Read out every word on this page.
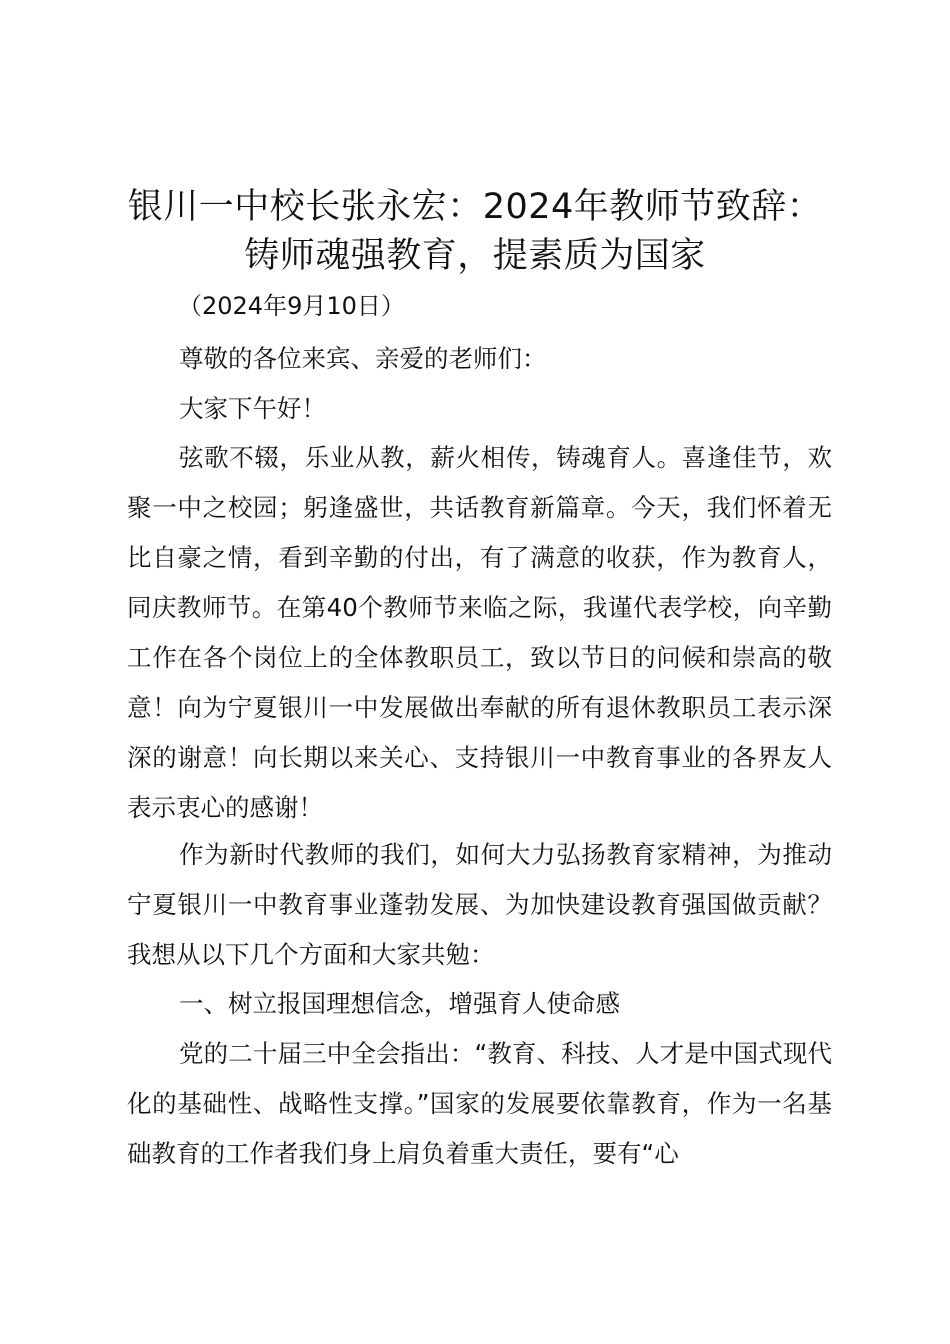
银川一中校长张永宏：2024年教师节致辞：
铸师魂强教育，提素质为国家
（2024年9月10日）

尊敬的各位来宾、亲爱的老师们：

大家下午好！

弦歌不辍，乐业从教，薪火相传，铸魂育人。喜逢佳节，欢聚一中之校园；躬逢盛世，共话教育新篇章。今天，我们怀着无比自豪之情，看到辛勤的付出，有了满意的收获，作为教育人，同庆教师节。在第40个教师节来临之际，我谨代表学校，向辛勤工作在各个岗位上的全体教职员工，致以节日的问候和崇高的敬意！向为宁夏银川一中发展做出奉献的所有退休教职员工表示深深的谢意！向长期以来关心、支持银川一中教育事业的各界友人表示衷心的感谢！

作为新时代教师的我们，如何大力弘扬教育家精神，为推动宁夏银川一中教育事业蓬勃发展、为加快建设教育强国做贡献？我想从以下几个方面和大家共勉：

一、树立报国理想信念，增强育人使命感

党的二十届三中全会指出：“教育、科技、人才是中国式现代化的基础性、战略性支撑。”国家的发展要依靠教育，作为一名基础教育的工作者我们身上肩负着重大责任，要有“心
